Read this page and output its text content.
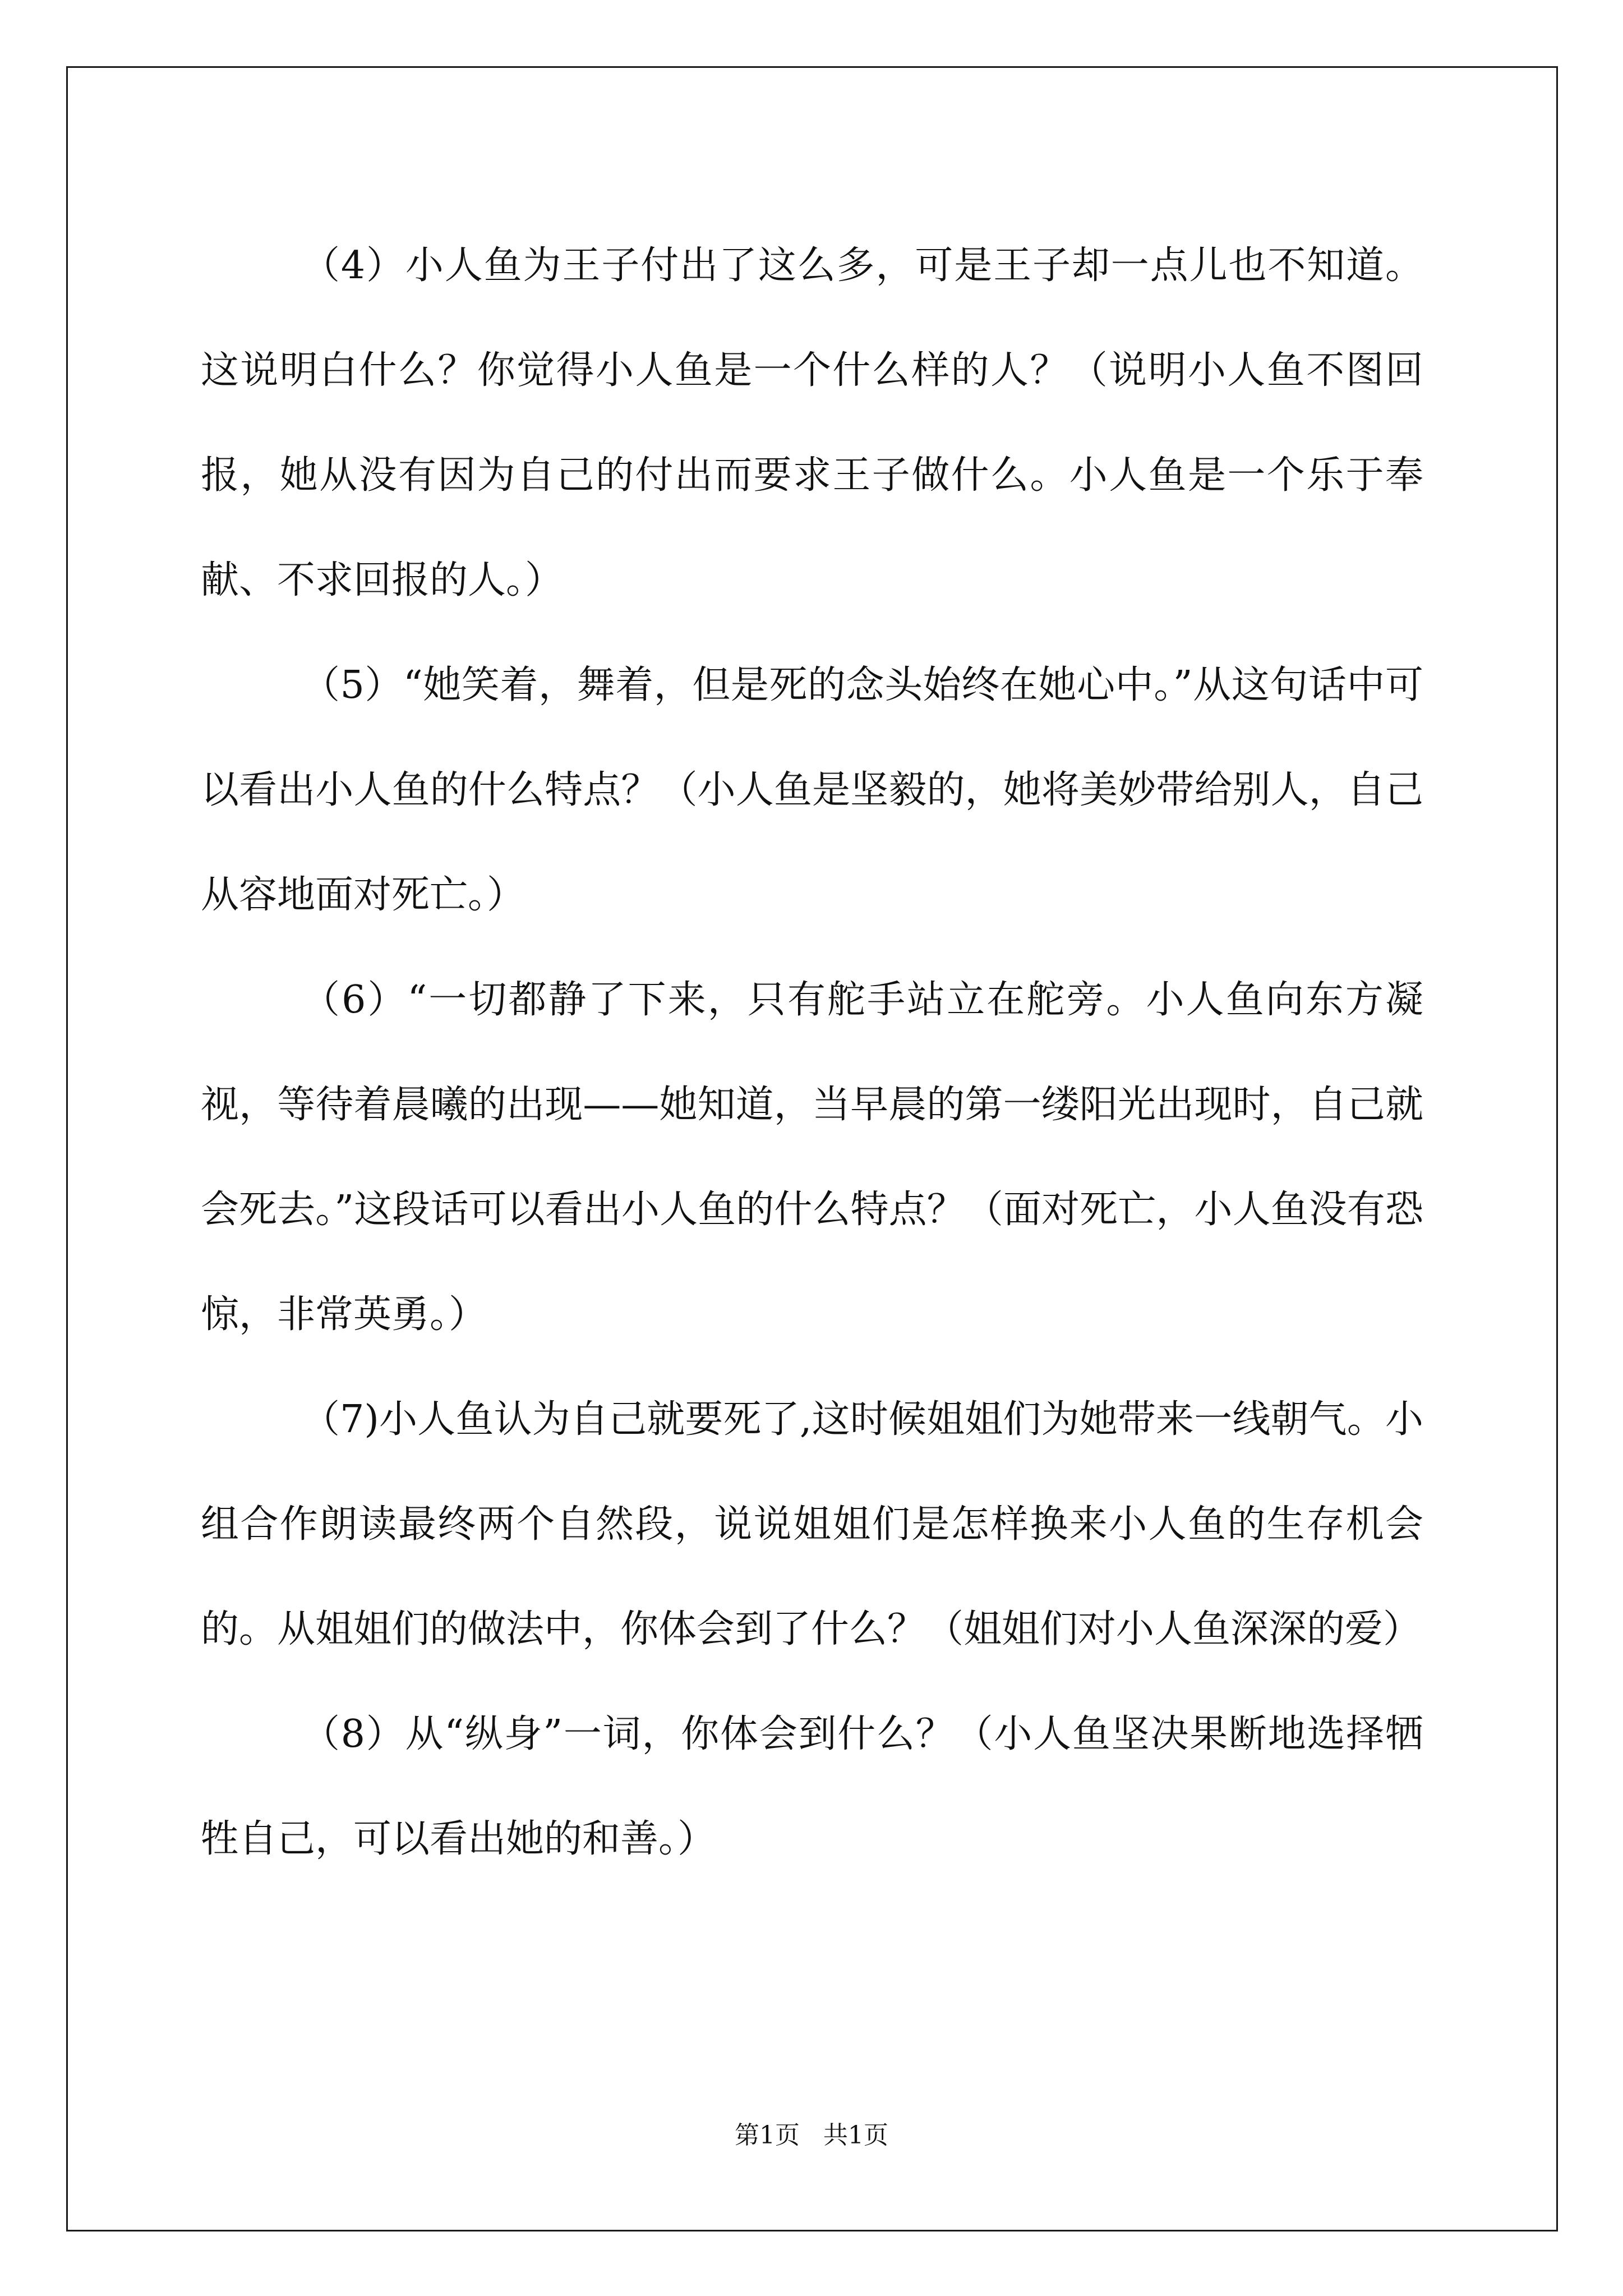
（4）小人鱼为王子付出了这么多，可是王子却一点儿也不知道。这说明白什么？你觉得小人鱼是一个什么样的人？（说明小人鱼不图回报，她从没有因为自己的付出而要求王子做什么。小人鱼是一个乐于奉献、不求回报的人。）

（5）“她笑着，舞着，但是死的念头始终在她心中。”从这句话中可以看出小人鱼的什么特点？（小人鱼是坚毅的，她将美妙带给别人，自己从容地面对死亡。）

（6）“一切都静了下来，只有舵手站立在舵旁。小人鱼向东方凝视，等待着晨曦的出现——她知道，当早晨的第一缕阳光出现时，自己就会死去。”这段话可以看出小人鱼的什么特点？（面对死亡，小人鱼没有恐惊，非常英勇。）

（7)小人鱼认为自己就要死了,这时候姐姐们为她带来一线朝气。小组合作朗读最终两个自然段，说说姐姐们是怎样换来小人鱼的生存机会的。从姐姐们的做法中，你体会到了什么？（姐姐们对小人鱼深深的爱）

（8）从“纵身”一词，你体会到什么？（小人鱼坚决果断地选择牺牲自己，可以看出她的和善。）

第1页   共1页
